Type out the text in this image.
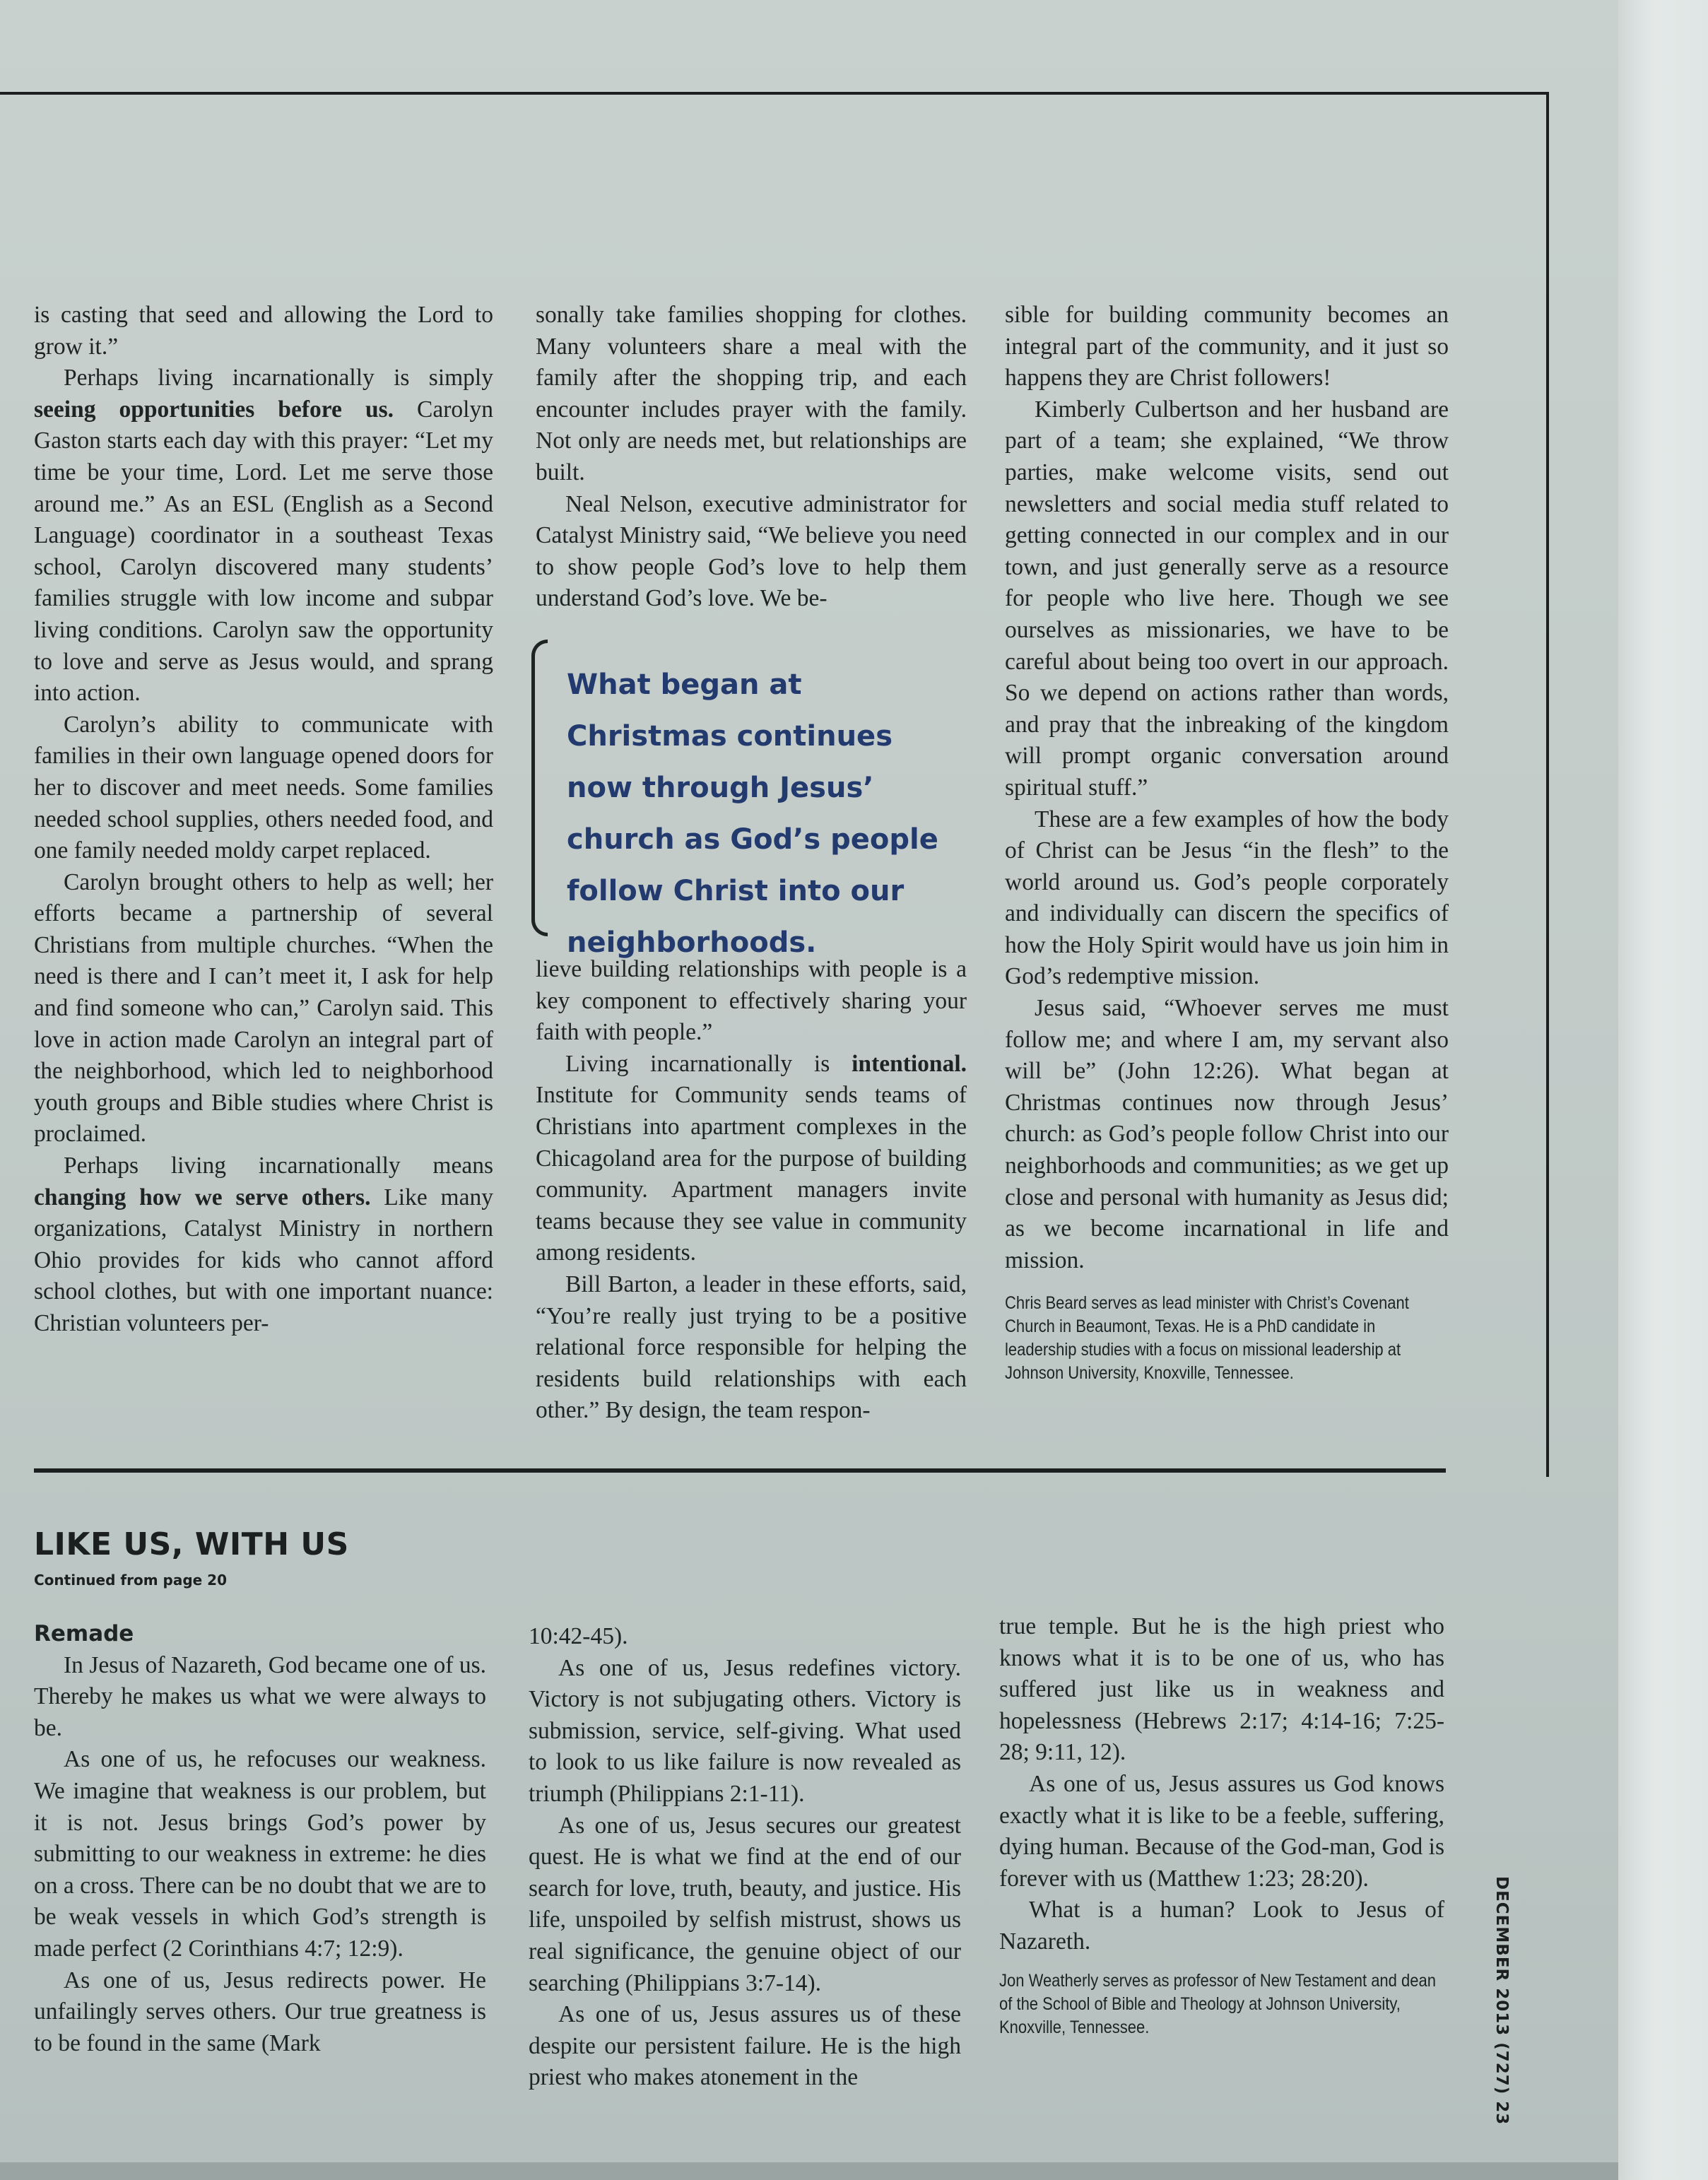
is casting that seed and allowing the Lord to grow it.”

Perhaps living incarnationally is simply seeing opportunities before us. Carolyn Gaston starts each day with this prayer: “Let my time be your time, Lord. Let me serve those around me.” As an ESL (English as a Second Language) coordinator in a southeast Texas school, Carolyn discovered many students’ families struggle with low income and subpar living conditions. Carolyn saw the opportunity to love and serve as Jesus would, and sprang into action.

Carolyn’s ability to communicate with families in their own language opened doors for her to discover and meet needs. Some families needed school supplies, others needed food, and one family needed moldy carpet replaced.

Carolyn brought others to help as well; her efforts became a partnership of several Christians from multiple churches. “When the need is there and I can’t meet it, I ask for help and find someone who can,” Carolyn said. This love in action made Carolyn an integral part of the neighborhood, which led to neighborhood youth groups and Bible studies where Christ is proclaimed.

Perhaps living incarnationally means changing how we serve others. Like many organizations, Catalyst Ministry in northern Ohio provides for kids who cannot afford school clothes, but with one important nuance: Christian volunteers per-

sonally take families shopping for clothes. Many volunteers share a meal with the family after the shopping trip, and each encounter includes prayer with the family. Not only are needs met, but relationships are built.

Neal Nelson, executive administrator for Catalyst Ministry said, “We believe you need to show people God’s love to help them understand God’s love. We be-

What began at Christmas continues now through Jesus’ church as God’s people follow Christ into our neighborhoods.

lieve building relationships with people is a key component to effectively sharing your faith with people.”

Living incarnationally is intentional. Institute for Community sends teams of Christians into apartment complexes in the Chicagoland area for the purpose of building community. Apartment managers invite teams because they see value in community among residents.

Bill Barton, a leader in these efforts, said, “You’re really just trying to be a positive relational force responsible for helping the residents build relationships with each other.” By design, the team respon-

sible for building community becomes an integral part of the community, and it just so happens they are Christ followers!

Kimberly Culbertson and her husband are part of a team; she explained, “We throw parties, make welcome visits, send out newsletters and social media stuff related to getting connected in our complex and in our town, and just generally serve as a resource for people who live here. Though we see ourselves as missionaries, we have to be careful about being too overt in our approach. So we depend on actions rather than words, and pray that the inbreaking of the kingdom will prompt organic conversation around spiritual stuff.”

These are a few examples of how the body of Christ can be Jesus “in the flesh” to the world around us. God’s people corporately and individually can discern the specifics of how the Holy Spirit would have us join him in God’s redemptive mission.

Jesus said, “Whoever serves me must follow me; and where I am, my servant also will be” (John 12:26). What began at Christmas continues now through Jesus’ church: as God’s people follow Christ into our neighborhoods and communities; as we get up close and personal with humanity as Jesus did; as we become incarnational in life and mission.

Chris Beard serves as lead minister with Christ’s Covenant Church in Beaumont, Texas. He is a PhD candidate in leadership studies with a focus on missional leadership at Johnson University, Knoxville, Tennessee.

LIKE US, WITH US
Continued from page 20

Remade

In Jesus of Nazareth, God became one of us. Thereby he makes us what we were always to be.

As one of us, he refocuses our weakness. We imagine that weakness is our problem, but it is not. Jesus brings God’s power by submitting to our weakness in extreme: he dies on a cross. There can be no doubt that we are to be weak vessels in which God’s strength is made perfect (2 Corinthians 4:7; 12:9).

As one of us, Jesus redirects power. He unfailingly serves others. Our true greatness is to be found in the same (Mark

10:42-45).

As one of us, Jesus redefines victory. Victory is not subjugating others. Victory is submission, service, self-giving. What used to look to us like failure is now revealed as triumph (Philippians 2:1-11).

As one of us, Jesus secures our greatest quest. He is what we find at the end of our search for love, truth, beauty, and justice. His life, unspoiled by selfish mistrust, shows us real significance, the genuine object of our searching (Philippians 3:7-14).

As one of us, Jesus assures us of these despite our persistent failure. He is the high priest who makes atonement in the

true temple. But he is the high priest who knows what it is to be one of us, who has suffered just like us in weakness and hopelessness (Hebrews 2:17; 4:14-16; 7:25-28; 9:11, 12).

As one of us, Jesus assures us God knows exactly what it is like to be a feeble, suffering, dying human. Because of the God-man, God is forever with us (Matthew 1:23; 28:20).

What is a human? Look to Jesus of Nazareth.

Jon Weatherly serves as professor of New Testament and dean of the School of Bible and Theology at Johnson University, Knoxville, Tennessee.	DECEMBER 2013 (727) 23
